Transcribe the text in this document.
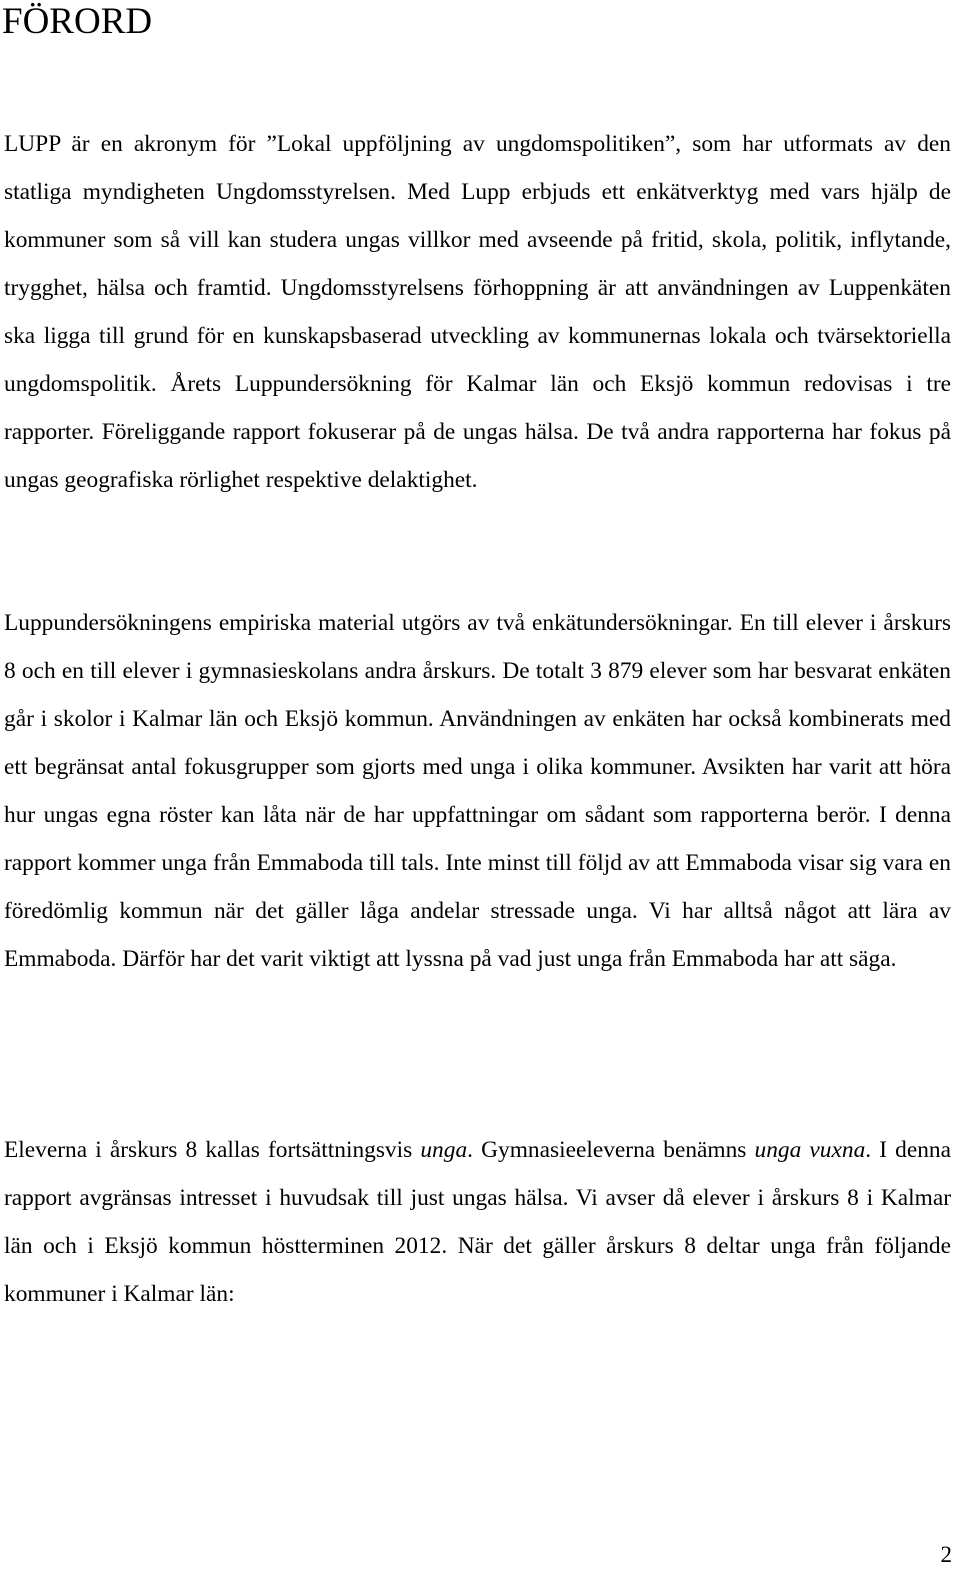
FÖRORD

LUPP är en akronym för ”Lokal uppföljning av ungdomspolitiken”, som har utformats av den statliga myndigheten Ungdomsstyrelsen. Med Lupp erbjuds ett enkätverktyg med vars hjälp de kommuner som så vill kan studera ungas villkor med avseende på fritid, skola, politik, inflytande, trygghet, hälsa och framtid. Ungdomsstyrelsens förhoppning är att användningen av Luppenkäten ska ligga till grund för en kunskapsbaserad utveckling av kommunernas lokala och tvärsektoriella ungdomspolitik. Årets Luppundersökning för Kalmar län och Eksjö kommun redovisas i tre rapporter. Föreliggande rapport fokuserar på de ungas hälsa. De två andra rapporterna har fokus på ungas geografiska rörlighet respektive delaktighet.

Luppundersökningens empiriska material utgörs av två enkätundersökningar. En till elever i årskurs 8 och en till elever i gymnasieskolans andra årskurs. De totalt 3 879 elever som har besvarat enkäten går i skolor i Kalmar län och Eksjö kommun. Användningen av enkäten har också kombinerats med ett begränsat antal fokusgrupper som gjorts med unga i olika kommuner. Avsikten har varit att höra hur ungas egna röster kan låta när de har uppfattningar om sådant som rapporterna berör. I denna rapport kommer unga från Emmaboda till tals. Inte minst till följd av att Emmaboda visar sig vara en föredömlig kommun när det gäller låga andelar stressade unga. Vi har alltså något att lära av Emmaboda. Därför har det varit viktigt att lyssna på vad just unga från Emmaboda har att säga.

Eleverna i årskurs 8 kallas fortsättningsvis unga. Gymnasieeleverna benämns unga vuxna. I denna rapport avgränsas intresset i huvudsak till just ungas hälsa. Vi avser då elever i årskurs 8 i Kalmar län och i Eksjö kommun höstterminen 2012. När det gäller årskurs 8 deltar unga från följande kommuner i Kalmar län:

2
